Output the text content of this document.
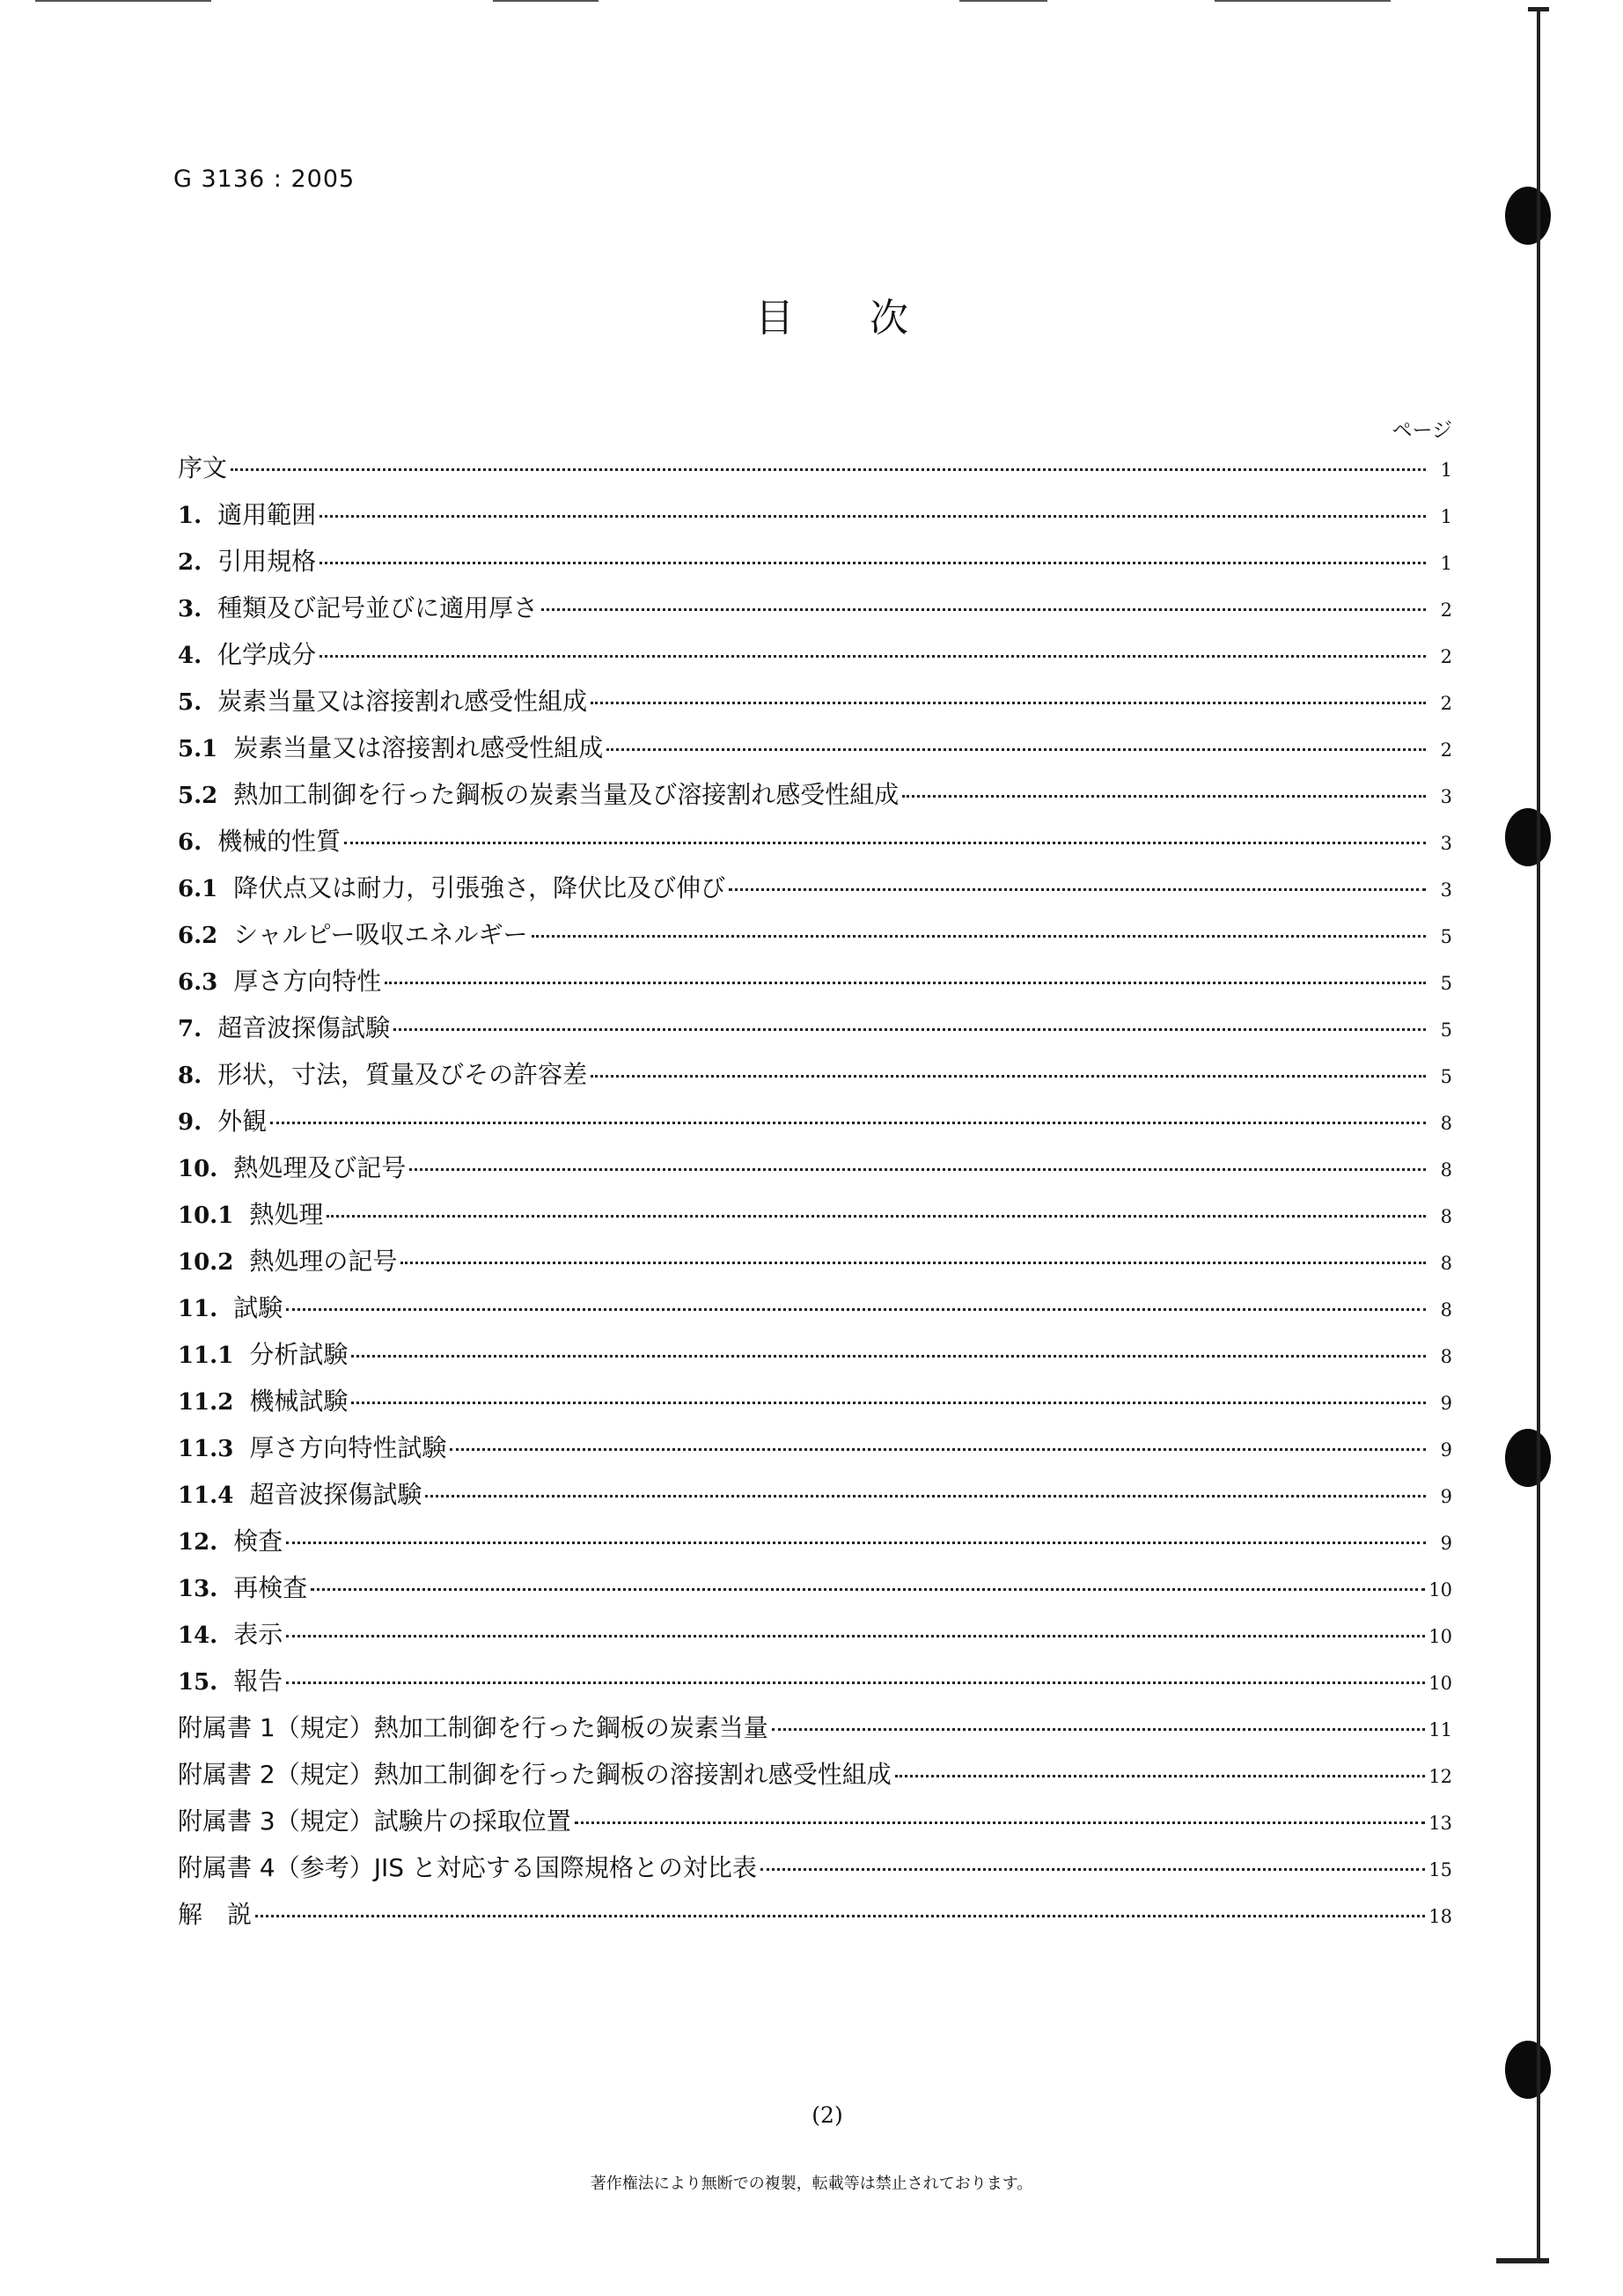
G 3136 : 2005
目 次
ページ
序文	1
1. 適用範囲	1
2. 引用規格	1
3. 種類及び記号並びに適用厚さ	2
4. 化学成分	2
5. 炭素当量又は溶接割れ感受性組成	2
5.1 炭素当量又は溶接割れ感受性組成	2
5.2 熱加工制御を行った鋼板の炭素当量及び溶接割れ感受性組成	3
6. 機械的性質	3
6.1 降伏点又は耐力，引張強さ，降伏比及び伸び	3
6.2 シャルピー吸収エネルギー	5
6.3 厚さ方向特性	5
7. 超音波探傷試験	5
8. 形状，寸法，質量及びその許容差	5
9. 外観	8
10. 熱処理及び記号	8
10.1 熱処理	8
10.2 熱処理の記号	8
11. 試験	8
11.1 分析試験	8
11.2 機械試験	9
11.3 厚さ方向特性試験	9
11.4 超音波探傷試験	9
12. 検査	9
13. 再検査	10
14. 表示	10
15. 報告	10
附属書 1（規定）熱加工制御を行った鋼板の炭素当量	11
附属書 2（規定）熱加工制御を行った鋼板の溶接割れ感受性組成	12
附属書 3（規定）試験片の採取位置	13
附属書 4（参考）JIS と対応する国際規格との対比表	15
解　説	18
(2)
著作権法により無断での複製，転載等は禁止されております。
